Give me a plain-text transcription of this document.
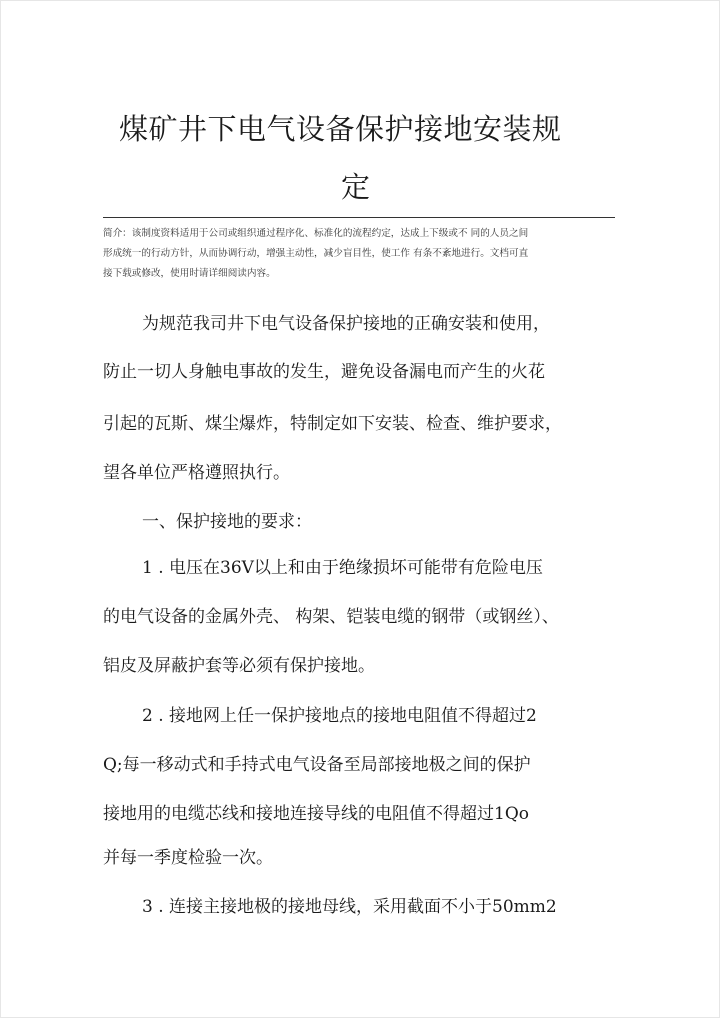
煤矿井下电气设备保护接地安装规
定
简介：该制度资料适用于公司或组织通过程序化、标准化的流程约定，达成上下级或不 同的人员之间
形成统一的行动方针，从而协调行动，增强主动性，减少盲目性，使工作 有条不紊地进行。文档可直
接下载或修改，使用时请详细阅读内容。
为规范我司井下电气设备保护接地的正确安装和使用，
防止一切人身触电事故的发生，避免设备漏电而产生的火花
引起的瓦斯、煤尘爆炸，特制定如下安装、检查、维护要求，
望各单位严格遵照执行。
一、保护接地的要求：
1 . 电压在36V以上和由于绝缘损坏可能带有危险电压
的电气设备的金属外壳、 构架、铠装电缆的钢带（或钢丝）、
铝皮及屏蔽护套等必须有保护接地。
2 . 接地网上任一保护接地点的接地电阻值不得超过2
Q;每一移动式和手持式电气设备至局部接地极之间的保护
接地用的电缆芯线和接地连接导线的电阻值不得超过1Qo
并每一季度检验一次。
3 . 连接主接地极的接地母线，采用截面不小于50mm2
